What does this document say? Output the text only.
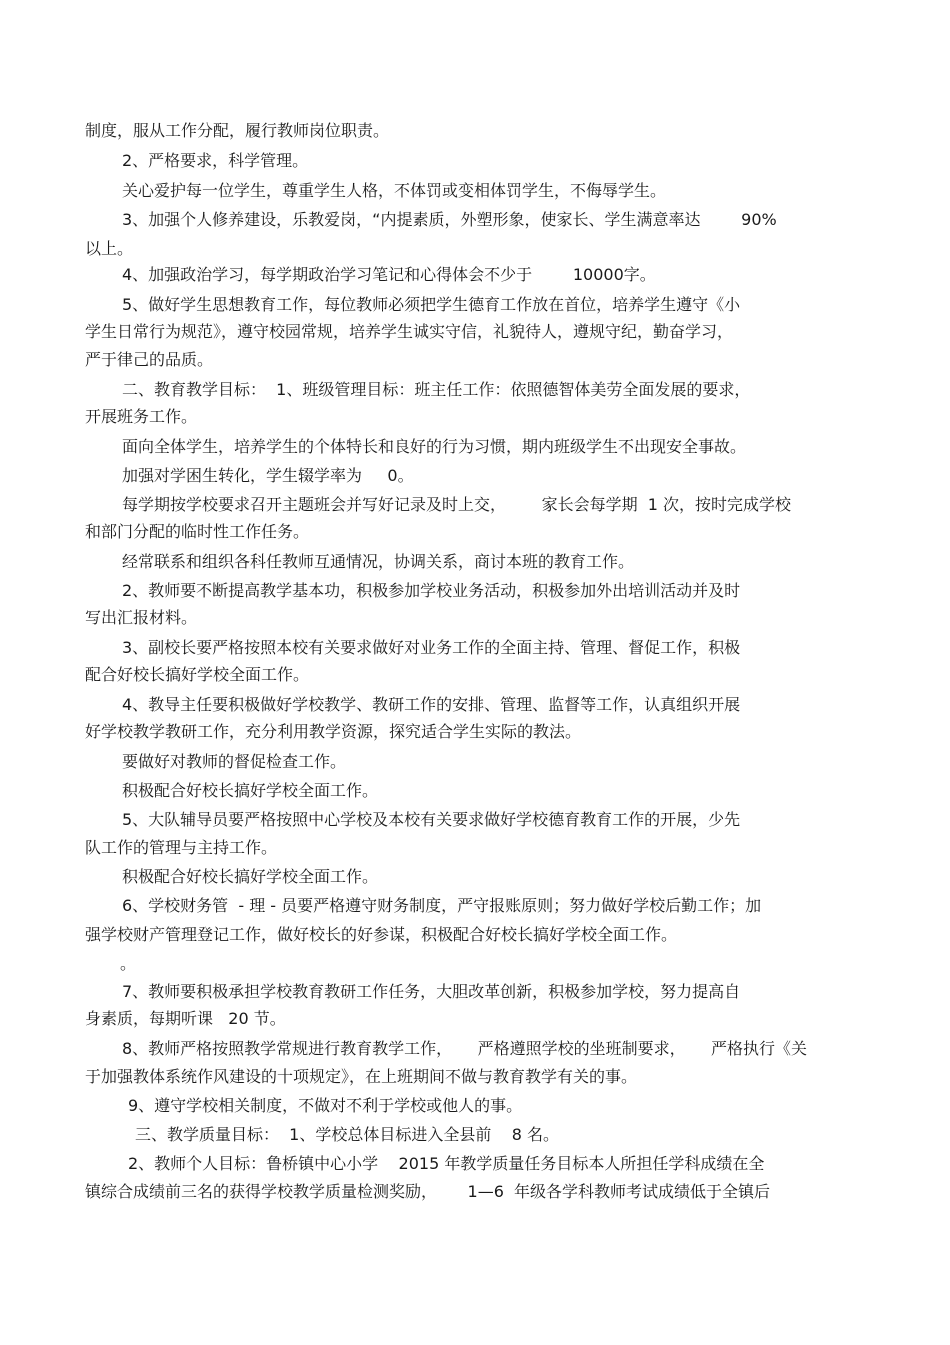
制度，服从工作分配，履行教师岗位职责。
2、严格要求，科学管理。
关心爱护每一位学生，尊重学生人格，不体罚或变相体罚学生，不侮辱学生。
3、加强个人修养建设，乐教爱岗，“内提素质，外塑形象，使家长、学生满意率达        90%
以上。
4、加强政治学习，每学期政治学习笔记和心得体会不少于        10000字。
5、做好学生思想教育工作，每位教师必须把学生德育工作放在首位，培养学生遵守《小
学生日常行为规范》，遵守校园常规，培养学生诚实守信，礼貌待人，遵规守纪，勤奋学习，
严于律己的品质。
二、教育教学目标：  1、班级管理目标：班主任工作：依照德智体美劳全面发展的要求，
开展班务工作。
面向全体学生，培养学生的个体特长和良好的行为习惯，期内班级学生不出现安全事故。
加强对学困生转化，学生辍学率为     0。
每学期按学校要求召开主题班会并写好记录及时上交，       家长会每学期  1 次，按时完成学校
和部门分配的临时性工作任务。
经常联系和组织各科任教师互通情况，协调关系，商讨本班的教育工作。
2、教师要不断提高教学基本功，积极参加学校业务活动，积极参加外出培训活动并及时
写出汇报材料。
3、副校长要严格按照本校有关要求做好对业务工作的全面主持、管理、督促工作，积极
配合好校长搞好学校全面工作。
4、教导主任要积极做好学校教学、教研工作的安排、管理、监督等工作，认真组织开展
好学校教学教研工作，充分利用教学资源，探究适合学生实际的教法。
要做好对教师的督促检查工作。
积极配合好校长搞好学校全面工作。
5、大队辅导员要严格按照中心学校及本校有关要求做好学校德育教育工作的开展，少先
队工作的管理与主持工作。
积极配合好校长搞好学校全面工作。
6、学校财务管  - 理 - 员要严格遵守财务制度，严守报账原则；努力做好学校后勤工作；加
强学校财产管理登记工作，做好校长的好参谋，积极配合好校长搞好学校全面工作。
。
7、教师要积极承担学校教育教研工作任务，大胆改革创新，积极参加学校，努力提高自
身素质，每期听课   20 节。
8、教师严格按照教学常规进行教育教学工作，     严格遵照学校的坐班制要求，     严格执行《关
于加强教体系统作风建设的十项规定》，在上班期间不做与教育教学有关的事。
9、遵守学校相关制度，不做对不利于学校或他人的事。
三、教学质量目标：  1、学校总体目标进入全县前    8 名。
2、教师个人目标：鲁桥镇中心小学    2015 年教学质量任务目标本人所担任学科成绩在全
镇综合成绩前三名的获得学校教学质量检测奖励，      1—6  年级各学科教师考试成绩低于全镇后
